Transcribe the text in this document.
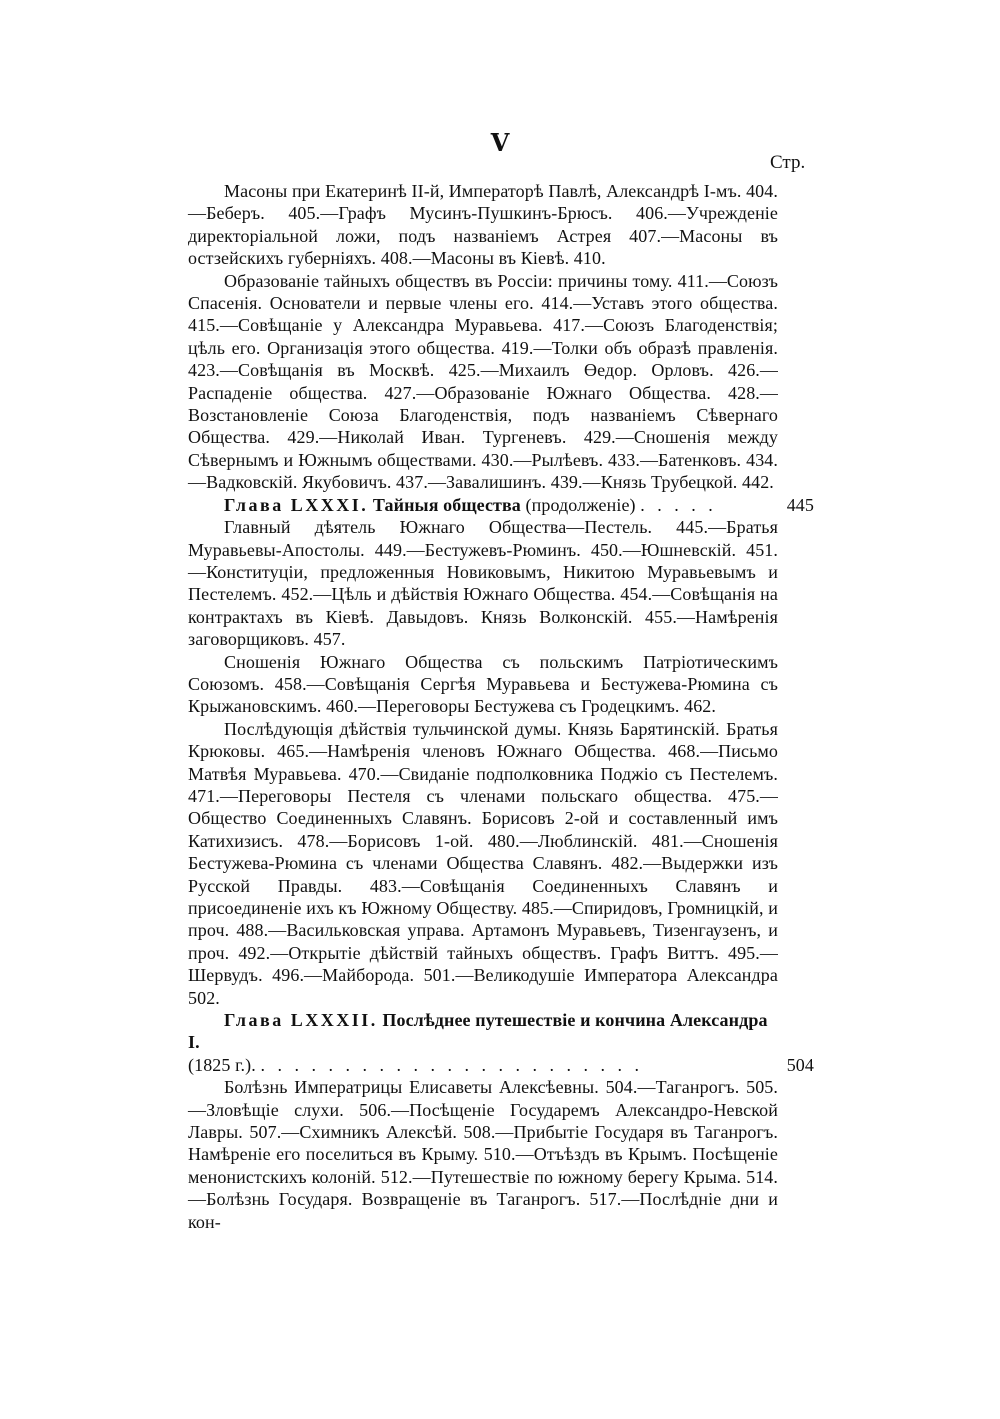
V
Стр.

Масоны при Екатеринѣ II-й, Императорѣ Павлѣ, Александрѣ I-мъ. 404.—Беберъ. 405.—Графъ Мусинъ-Пушкинъ-Брюсъ. 406.—Учрежденіе директоріальной ложи, подъ названіемъ Астрея 407.—Масоны въ остзейскихъ губерніяхъ. 408.—Масоны въ Кіевѣ. 410.

Образованіе тайныхъ обществъ въ Россіи: причины тому. 411.—Союзъ Спасенія. Основатели и первые члены его. 414.—Уставъ этого общества. 415.—Совѣщаніе у Александра Муравьева. 417.—Союзъ Благоденствія; цѣль его. Организація этого общества. 419.—Толки объ образѣ правленія. 423.—Совѣщанія въ Москвѣ. 425.—Михаилъ Өедор. Орловъ. 426.—Распаденіе общества. 427.—Образованіе Южнаго Общества. 428.—Возстановленіе Союза Благоденствія, подъ названіемъ Сѣвернаго Общества. 429.—Николай Иван. Тургеневъ. 429.—Сношенія между Сѣвернымъ и Южнымъ обществами. 430.—Рылѣевъ. 433.—Батенковъ. 434.—Вадковскій. Якубовичъ. 437.—Завалишинъ. 439.—Князь Трубецкой. 442.

Глава LXXXI. Тайныя общества (продолженіе) . . . . .	445

Главный дѣятель Южнаго Общества—Пестель. 445.—Братья Муравьевы-Апостолы. 449.—Бестужевъ-Рюминъ. 450.—Юшневскій. 451.—Конституціи, предложенныя Новиковымъ, Никитою Муравьевымъ и Пестелемъ. 452.—Цѣль и дѣйствія Южнаго Общества. 454.—Совѣщанія на контрактахъ въ Кіевѣ. Давыдовъ. Князь Волконскій. 455.—Намѣренія заговорщиковъ. 457.

Сношенія Южнаго Общества съ польскимъ Патріотическимъ Союзомъ. 458.—Совѣщанія Сергѣя Муравьева и Бестужева-Рюмина съ Крыжановскимъ. 460.—Переговоры Бестужева съ Гродецкимъ. 462.

Послѣдующія дѣйствія тульчинской думы. Князь Барятинскій. Братья Крюковы. 465.—Намѣренія членовъ Южнаго Общества. 468.—Письмо Матвѣя Муравьева. 470.—Свиданіе подполковника Поджіо съ Пестелемъ. 471.—Переговоры Пестеля съ членами польскаго общества. 475.—Общество Соединенныхъ Славянъ. Борисовъ 2-ой и составленный имъ Катихизисъ. 478.—Борисовъ 1-ой. 480.—Люблинскій. 481.—Сношенія Бестужева-Рюмина съ членами Общества Славянъ. 482.—Выдержки изъ Русской Правды. 483.—Совѣщанія Соединенныхъ Славянъ и присоединеніе ихъ къ Южному Обществу. 485.—Спиридовъ, Громницкій, и проч. 488.—Васильковская управа. Артамонъ Муравьевъ, Тизенгаузенъ, и проч. 492.—Открытіе дѣйствій тайныхъ обществъ. Графъ Виттъ. 495.—Шервудъ. 496.—Майборода. 501.—Великодушіе Императора Александра 502.

Глава LXXXII. Послѣднее путешествіе и кончина Александра I.
(1825 г.). . . . . . . . . . . . . . . . . . . . . . . .	504

Болѣзнь Императрицы Елисаветы Алексѣевны. 504.—Таганрогъ. 505.—Зловѣщіе слухи. 506.—Посѣщеніе Государемъ Александро-Невской Лавры. 507.—Схимникъ Алексѣй. 508.—Прибытіе Государя въ Таганрогъ. Намѣреніе его поселиться въ Крыму. 510.—Отъѣздъ въ Крымъ. Посѣщеніе менонистскихъ колоній. 512.—Путешествіе по южному берегу Крыма. 514.—Болѣзнь Государя. Возвращеніе въ Таганрогъ. 517.—Послѣдніе дни и кон-
